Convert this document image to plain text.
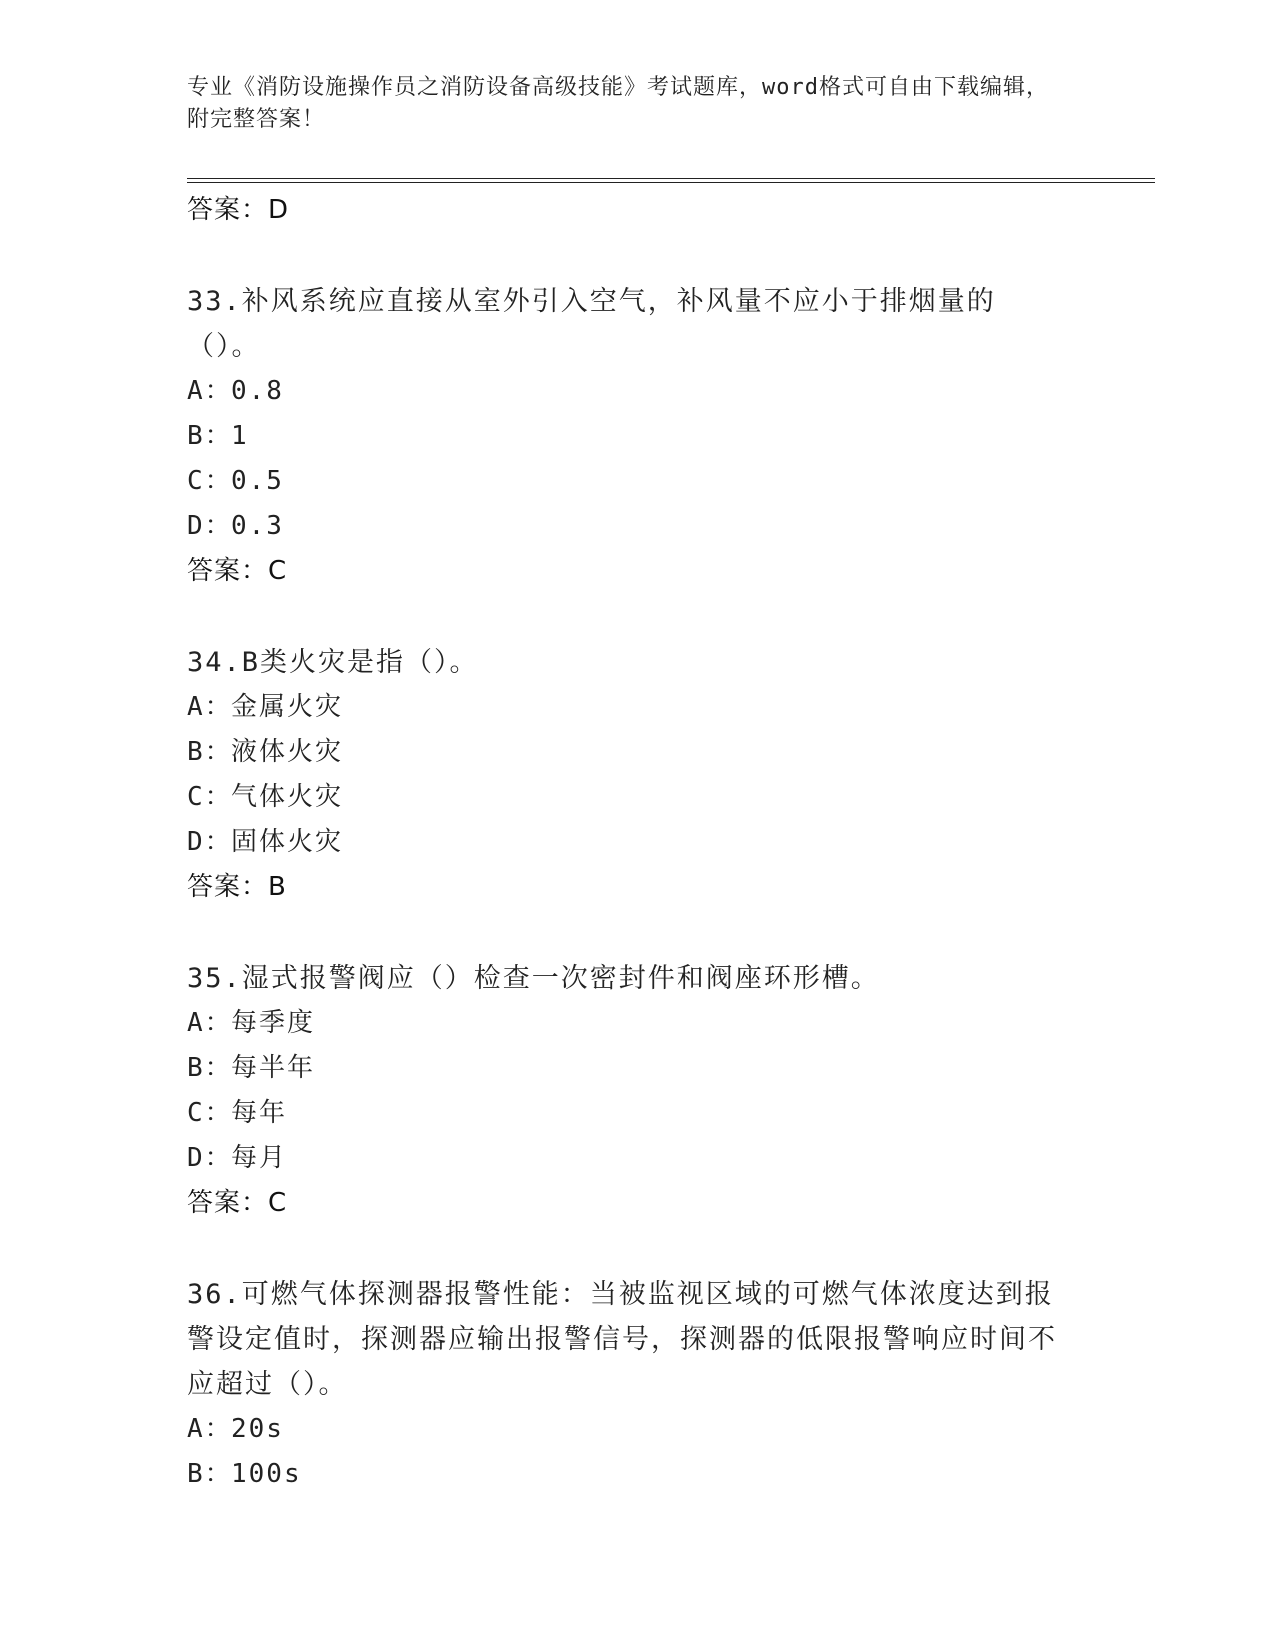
专业《消防设施操作员之消防设备高级技能》考试题库，word格式可自由下载编辑，附完整答案！
答案：D
33.补风系统应直接从室外引入空气，补风量不应小于排烟量的（）。
A：0.8
B：1
C：0.5
D：0.3
答案：C
34.B类火灾是指（）。
A：金属火灾
B：液体火灾
C：气体火灾
D：固体火灾
答案：B
35.湿式报警阀应（）检查一次密封件和阀座环形槽。
A：每季度
B：每半年
C：每年
D：每月
答案：C
36.可燃气体探测器报警性能：当被监视区域的可燃气体浓度达到报警设定值时，探测器应输出报警信号，探测器的低限报警响应时间不应超过（）。
A：20s
B：100s
